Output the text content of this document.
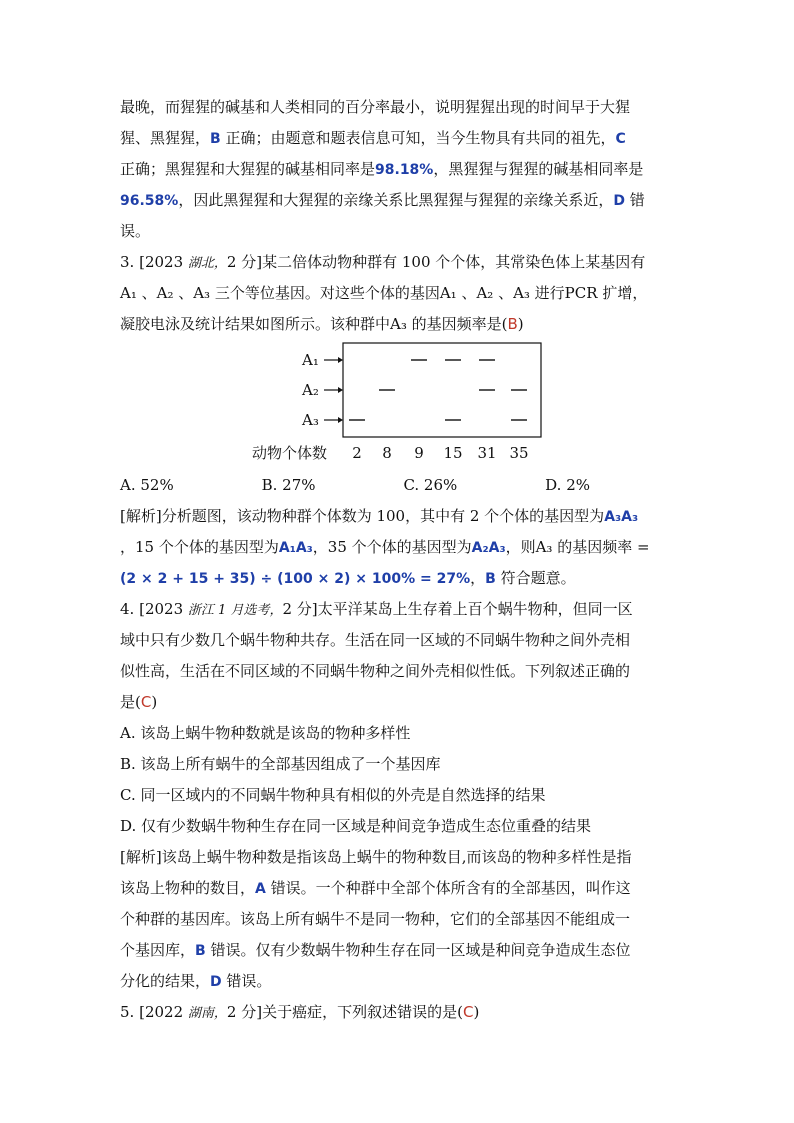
最晚，而猩猩的碱基和人类相同的百分率最小，说明猩猩出现的时间早于大猩
猩、黑猩猩，B 正确；由题意和题表信息可知，当今生物具有共同的祖先，C
正确；黑猩猩和大猩猩的碱基相同率是98.18%，黑猩猩与猩猩的碱基相同率是
96.58%，因此黑猩猩和大猩猩的亲缘关系比黑猩猩与猩猩的亲缘关系近，D 错
误。
3. [2023 湖北，2 分]某二倍体动物种群有 100 个个体，其常染色体上某基因有
A₁ 、A₂ 、A₃ 三个等位基因。对这些个体的基因A₁ 、A₂ 、A₃ 进行PCR 扩增，
凝胶电泳及统计结果如图所示。该种群中A₃ 的基因频率是(B)
A₁
A₂
A₃
动物个体数 2 8 9 15 31 35
A. 52%	B. 27%	C. 26%	D. 2%
[解析]分析题图，该动物种群个体数为 100，其中有 2 个个体的基因型为A₃A₃
，15 个个体的基因型为A₁A₃，35 个个体的基因型为A₂A₃，则A₃ 的基因频率 =
(2 × 2 + 15 + 35) ÷ (100 × 2) × 100% = 27%，B 符合题意。
4. [2023 浙江 1 月选考，2 分]太平洋某岛上生存着上百个蜗牛物种，但同一区
域中只有少数几个蜗牛物种共存。生活在同一区域的不同蜗牛物种之间外壳相
似性高，生活在不同区域的不同蜗牛物种之间外壳相似性低。下列叙述正确的
是(C)
A. 该岛上蜗牛物种数就是该岛的物种多样性
B. 该岛上所有蜗牛的全部基因组成了一个基因库
C. 同一区域内的不同蜗牛物种具有相似的外壳是自然选择的结果
D. 仅有少数蜗牛物种生存在同一区域是种间竞争造成生态位重叠的结果
[解析]该岛上蜗牛物种数是指该岛上蜗牛的物种数目,而该岛的物种多样性是指
该岛上物种的数目，A 错误。一个种群中全部个体所含有的全部基因，叫作这
个种群的基因库。该岛上所有蜗牛不是同一物种，它们的全部基因不能组成一
个基因库，B 错误。仅有少数蜗牛物种生存在同一区域是种间竞争造成生态位
分化的结果，D 错误。
5. [2022 湖南，2 分]关于癌症，下列叙述错误的是(C)
